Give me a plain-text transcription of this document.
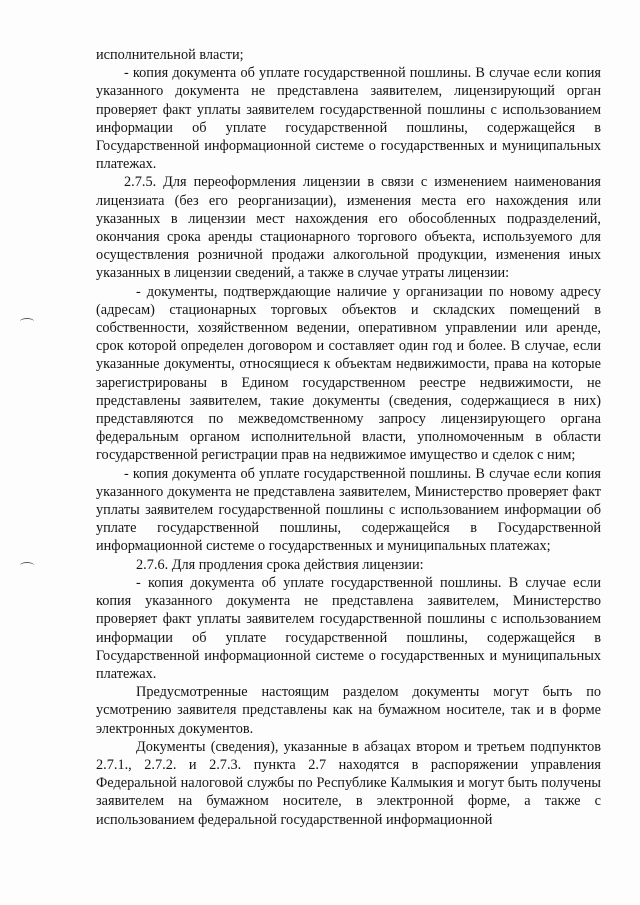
исполнительной власти;

- копия документа об уплате государственной пошлины. В случае если копия указанного документа не представлена заявителем, лицензирующий орган проверяет факт уплаты заявителем государственной пошлины с использованием информации об уплате государственной пошлины, содержащейся в Государственной информационной системе о государственных и муниципальных платежах.

2.7.5. Для переоформления лицензии в связи с изменением наименования лицензиата (без его реорганизации), изменения места его нахождения или указанных в лицензии мест нахождения его обособленных подразделений, окончания срока аренды стационарного торгового объекта, используемого для осуществления розничной продажи алкогольной продукции, изменения иных указанных в лицензии сведений, а также в случае утраты лицензии:

- документы, подтверждающие наличие у организации по новому адресу (адресам) стационарных торговых объектов и складских помещений в собственности, хозяйственном ведении, оперативном управлении или аренде, срок которой определен договором и составляет один год и более. В случае, если указанные документы, относящиеся к объектам недвижимости, права на которые зарегистрированы в Едином государственном реестре недвижимости, не представлены заявителем, такие документы (сведения, содержащиеся в них) представляются по межведомственному запросу лицензирующего органа федеральным органом исполнительной власти, уполномоченным в области государственной регистрации прав на недвижимое имущество и сделок с ним;

- копия документа об уплате государственной пошлины. В случае если копия указанного документа не представлена заявителем, Министерство проверяет факт уплаты заявителем государственной пошлины с использованием информации об уплате государственной пошлины, содержащейся в Государственной информационной системе о государственных и муниципальных платежах;

2.7.6. Для продления срока действия лицензии:

- копия документа об уплате государственной пошлины. В случае если копия указанного документа не представлена заявителем, Министерство проверяет факт уплаты заявителем государственной пошлины с использованием информации об уплате государственной пошлины, содержащейся в Государственной информационной системе о государственных и муниципальных платежах.

Предусмотренные настоящим разделом документы могут быть по усмотрению заявителя представлены как на бумажном носителе, так и в форме электронных документов.

Документы (сведения), указанные в абзацах втором и третьем подпунктов 2.7.1., 2.7.2. и 2.7.3. пункта 2.7 находятся в распоряжении управления Федеральной налоговой службы по Республике Калмыкия и могут быть получены заявителем на бумажном носителе, в электронной форме, а также с использованием федеральной государственной информационной
